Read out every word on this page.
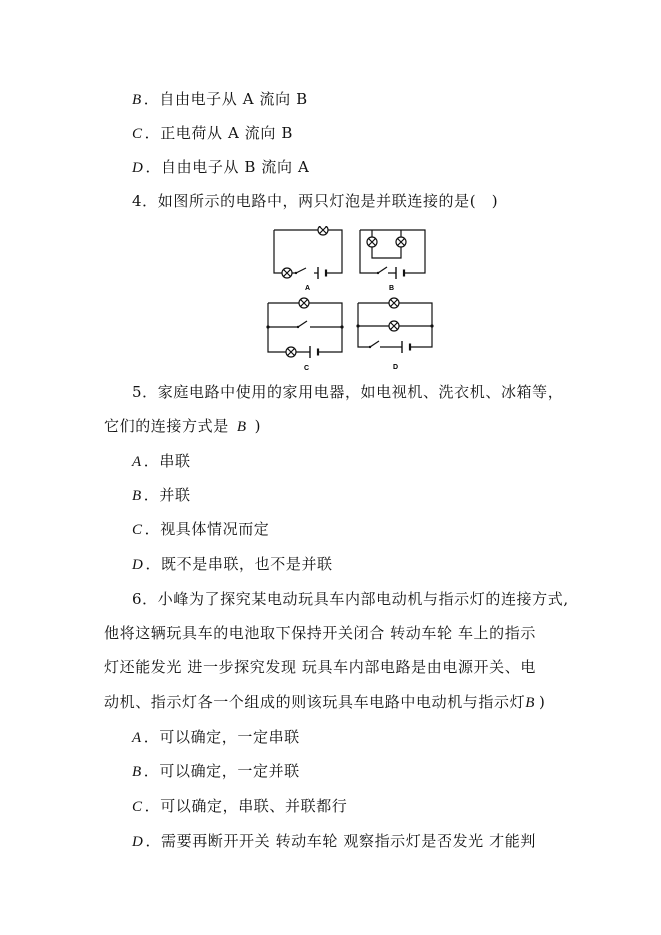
B ．自由电子从 A 流向 B
C ．正电荷从 A 流向 B
D ．自由电子从 B 流向 A
4．如图所示的电路中，两只灯泡是并联连接的是(　)
A	B
C	D
5．家庭电路中使用的家用电器，如电视机、洗衣机、冰箱等，
它们的连接方式是 B )
A ．串联
B ．并联
C ．视具体情况而定
D ．既不是串联，也不是并联
6．小峰为了探究某电动玩具车内部电动机与指示灯的连接方式,
他将这辆玩具车的电池取下保持开关闭合 转动车轮 车上的指示
灯还能发光 进一步探究发现 玩具车内部电路是由电源开关、电
动机、指示灯各一个组成的则该玩具车电路中电动机与指示灯B )
A ．可以确定，一定串联
B ．可以确定，一定并联
C ．可以确定，串联、并联都行
D ．需要再断开开关 转动车轮 观察指示灯是否发光 才能判
